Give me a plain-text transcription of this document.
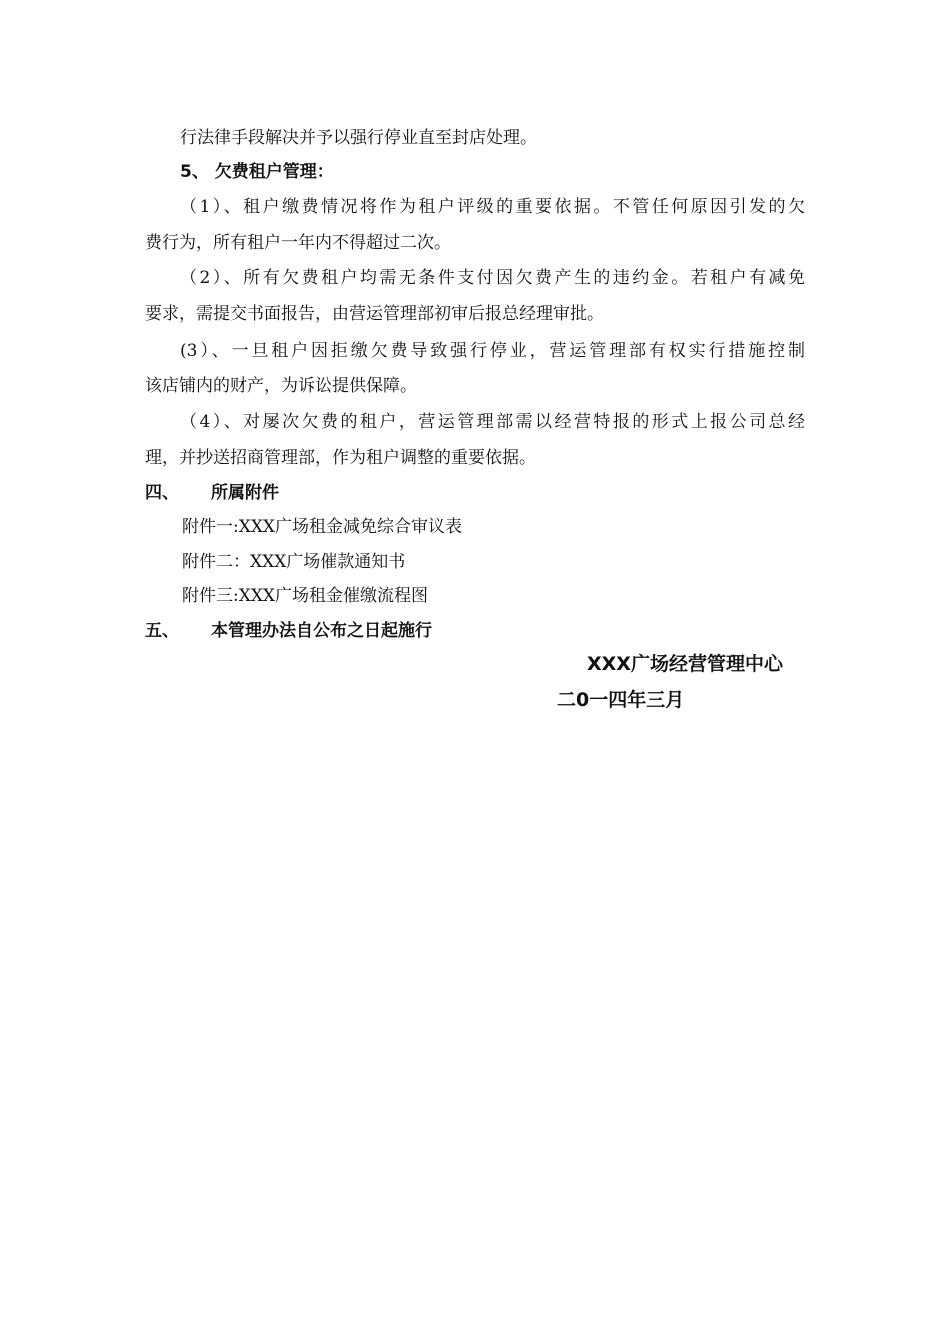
行法律手段解决并予以强行停业直至封店处理。
5、 欠费租户管理：
（1）、租户缴费情况将作为租户评级的重要依据。不管任何原因引发的欠
费行为，所有租户一年内不得超过二次。
（2）、所有欠费租户均需无条件支付因欠费产生的违约金。若租户有减免
要求，需提交书面报告，由营运管理部初审后报总经理审批。
(3）、一旦租户因拒缴欠费导致强行停业，营运管理部有权实行措施控制
该店铺内的财产，为诉讼提供保障。
（4）、对屡次欠费的租户，营运管理部需以经营特报的形式上报公司总经
理，并抄送招商管理部，作为租户调整的重要依据。
四、 所属附件
附件一:XXX广场租金减免综合审议表
附件二：XXX广场催款通知书
附件三:XXX广场租金催缴流程图
五、 本管理办法自公布之日起施行
XXX广场经营管理中心
二0一四年三月
